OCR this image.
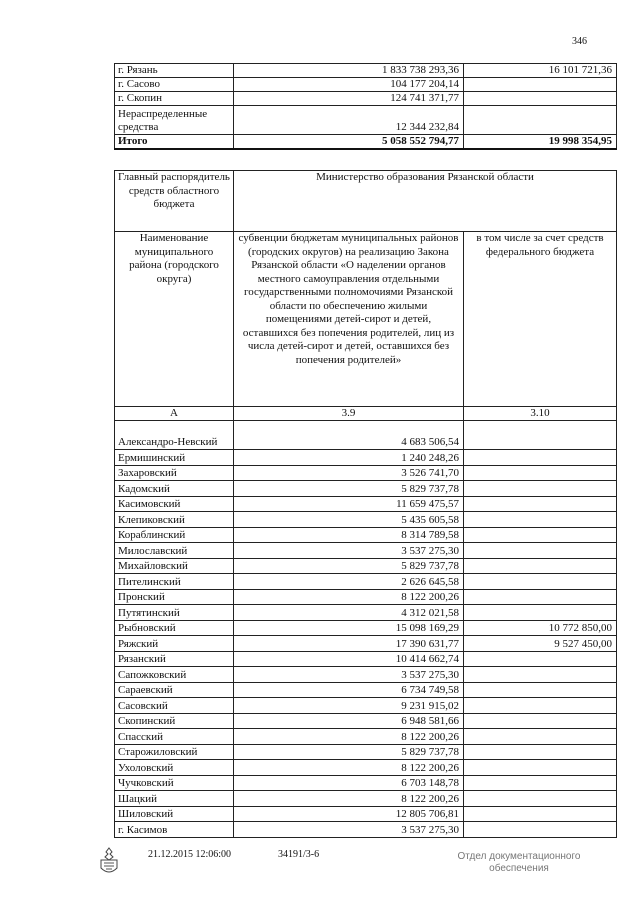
346
г. Рязань	1 833 738 293,36	16 101 721,36
г. Сасово	104 177 204,14	
г. Скопин	124 741 371,77	
Нераспределенные средства	12 344 232,84	
Итого	5 058 552 794,77	19 998 354,95
Главный распорядитель средств областного бюджета	Министерство образования Рязанской области	
Наименование муниципального района (городского округа)	субвенции бюджетам муниципальных районов (городских округов) на реализацию Закона Рязанской области «О наделении органов местного самоуправления отдельными государственными полномочиями Рязанской области по обеспечению жилыми помещениями детей-сирот и детей, оставшихся без попечения родителей, лиц из числа детей-сирот и детей, оставшихся без попечения родителей»	в том числе за счет средств федерального бюджета
А	3.9	3.10
Александро-Невский	4 683 506,54	
Ермишинский	1 240 248,26	
Захаровский	3 526 741,70	
Кадомский	5 829 737,78	
Касимовский	11 659 475,57	
Клепиковский	5 435 605,58	
Кораблинский	8 314 789,58	
Милославский	3 537 275,30	
Михайловский	5 829 737,78	
Пителинский	2 626 645,58	
Пронский	8 122 200,26	
Путятинский	4 312 021,58	
Рыбновский	15 098 169,29	10 772 850,00
Ряжский	17 390 631,77	9 527 450,00
Рязанский	10 414 662,74	
Сапожковский	3 537 275,30	
Сараевский	6 734 749,58	
Сасовский	9 231 915,02	
Скопинский	6 948 581,66	
Спасский	8 122 200,26	
Старожиловский	5 829 737,78	
Ухоловский	8 122 200,26	
Чучковский	6 703 148,78	
Шацкий	8 122 200,26	
Шиловский	12 805 706,81	
г. Касимов	3 537 275,30	
21.12.2015 12:06:00	34191/3-6	Отдел документационного
обеспечения
